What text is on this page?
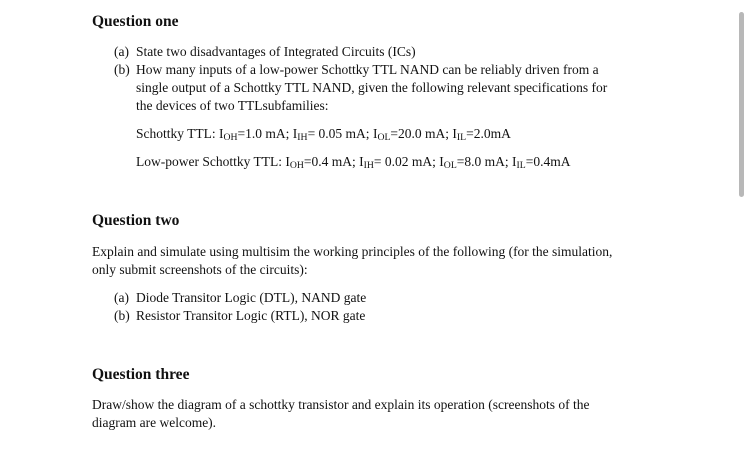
Question one
(a) State two disadvantages of Integrated Circuits (ICs)
(b) How many inputs of a low-power Schottky TTL NAND can be reliably driven from a
single output of a Schottky TTL NAND, given the following relevant specifications for
the devices of two TTLsubfamilies:
Schottky TTL: IOH=1.0 mA; IIH= 0.05 mA; IOL=20.0 mA; IIL=2.0mA
Low-power Schottky TTL: IOH=0.4 mA; IIH= 0.02 mA; IOL=8.0 mA; IIL=0.4mA
Question two
Explain and simulate using multisim the working principles of the following (for the simulation,
only submit screenshots of the circuits):
(a) Diode Transitor Logic (DTL), NAND gate
(b) Resistor Transitor Logic (RTL), NOR gate
Question three
Draw/show the diagram of a schottky transistor and explain its operation (screenshots of the
diagram are welcome).
